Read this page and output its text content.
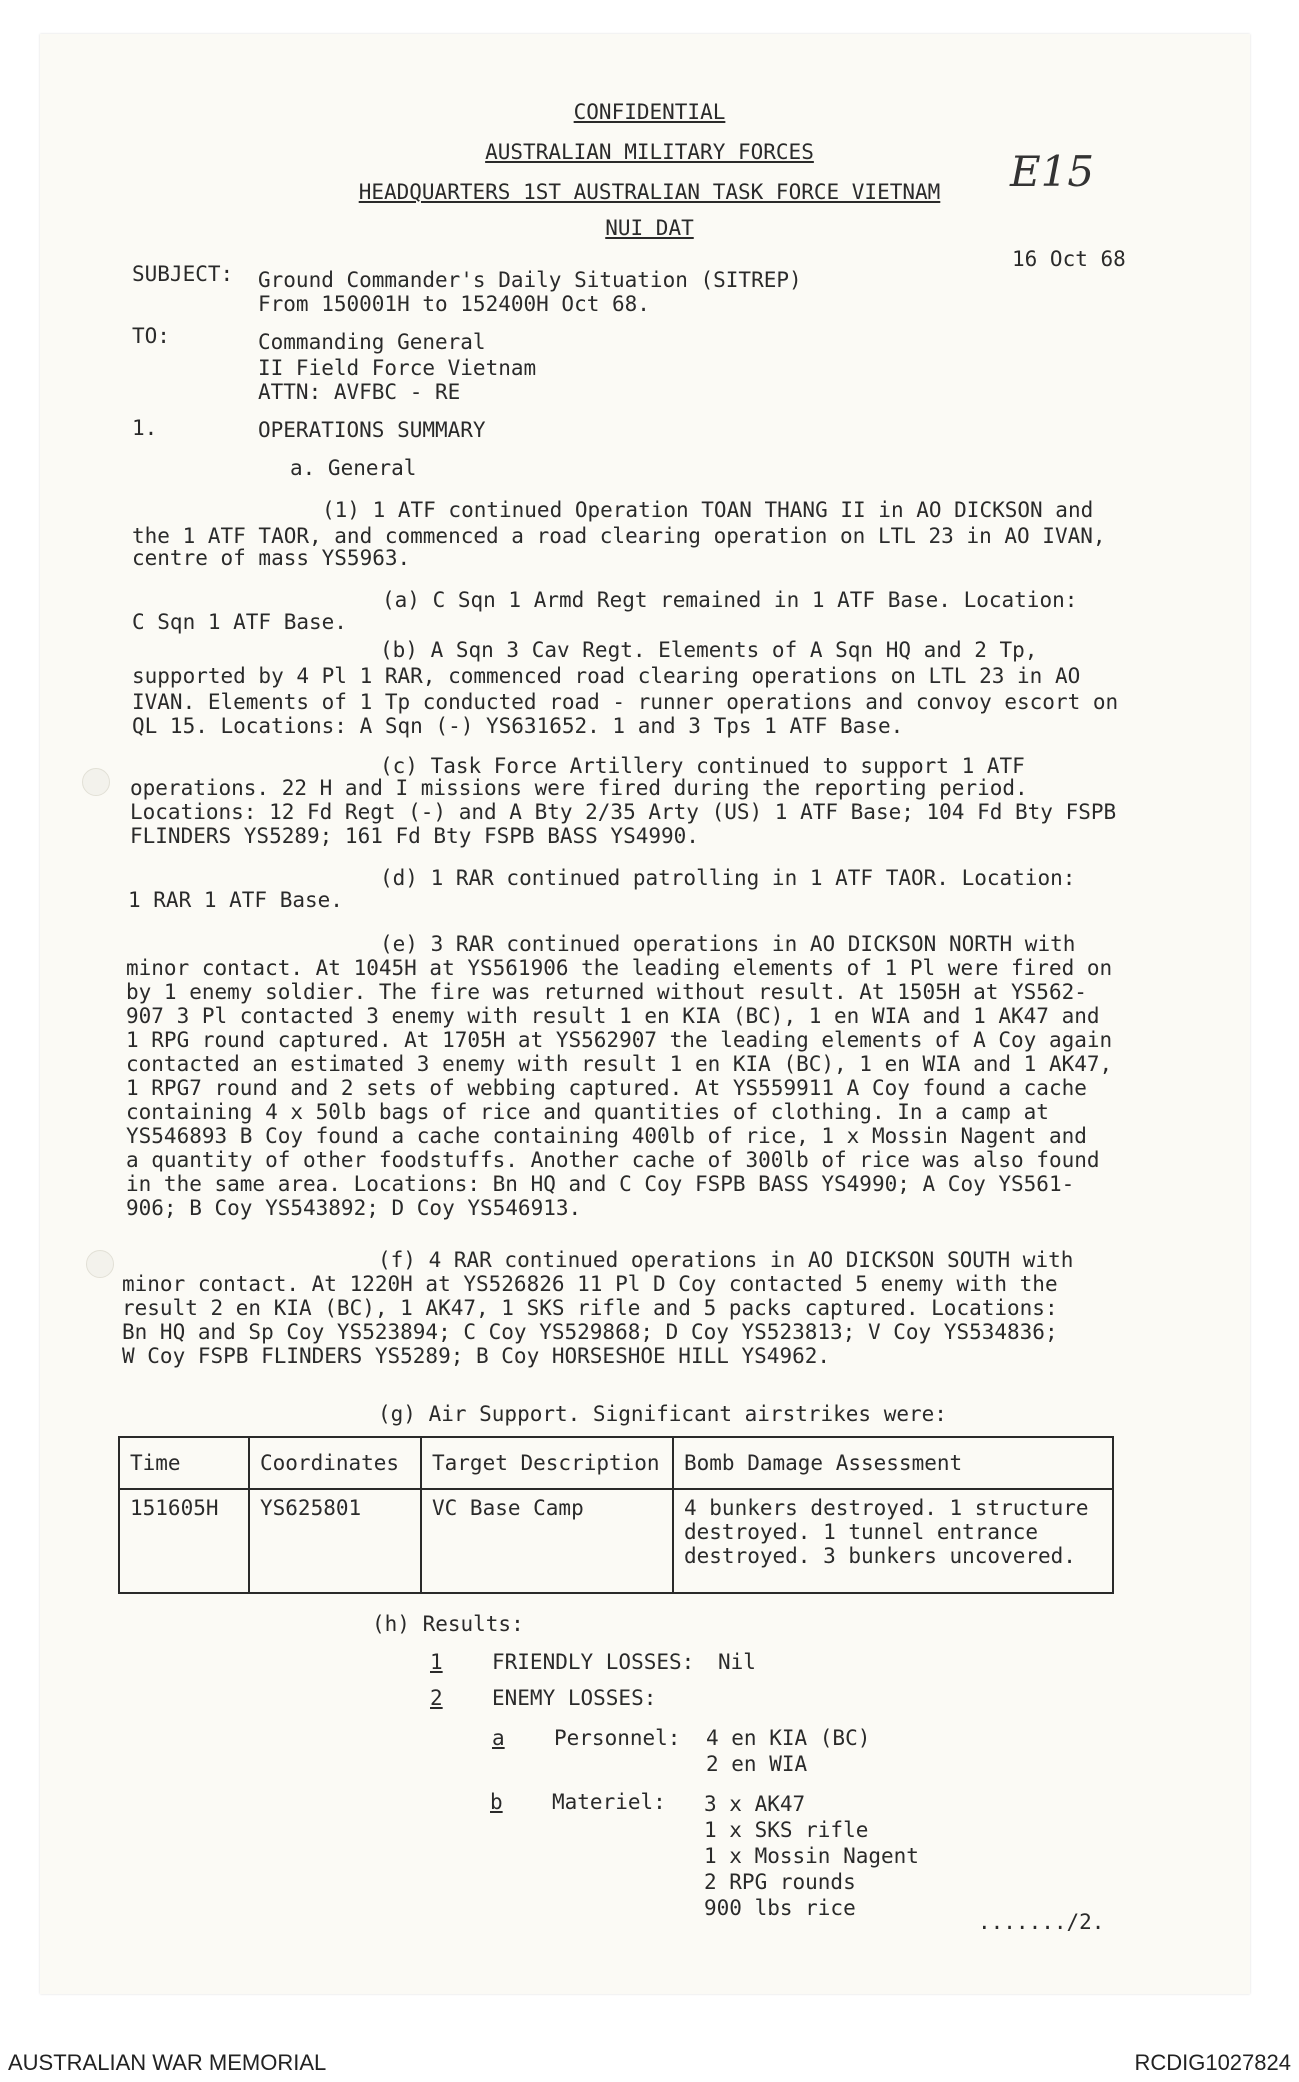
CONFIDENTIAL
AUSTRALIAN MILITARY FORCES
HEADQUARTERS 1ST AUSTRALIAN TASK FORCE VIETNAM
NUI DAT
E15
16 Oct 68
SUBJECT: Ground Commander's Daily Situation (SITREP)
From 150001H to 152400H Oct 68.
TO:	Commanding General
II Field Force Vietnam
ATTN: AVFBC - RE
1.	OPERATIONS SUMMARY
a. General
(1) 1 ATF continued Operation TOAN THANG II in AO DICKSON and
the 1 ATF TAOR, and commenced a road clearing operation on LTL 23 in AO IVAN,
centre of mass YS5963.
(a) C Sqn 1 Armd Regt remained in 1 ATF Base. Location:
C Sqn 1 ATF Base.
(b) A Sqn 3 Cav Regt. Elements of A Sqn HQ and 2 Tp,
supported by 4 Pl 1 RAR, commenced road clearing operations on LTL 23 in AO
IVAN. Elements of 1 Tp conducted road - runner operations and convoy escort on
QL 15. Locations: A Sqn (-) YS631652. 1 and 3 Tps 1 ATF Base.
(c) Task Force Artillery continued to support 1 ATF
operations. 22 H and I missions were fired during the reporting period.
Locations: 12 Fd Regt (-) and A Bty 2/35 Arty (US) 1 ATF Base; 104 Fd Bty FSPB
FLINDERS YS5289; 161 Fd Bty FSPB BASS YS4990.
(d) 1 RAR continued patrolling in 1 ATF TAOR. Location:
1 RAR 1 ATF Base.
(e) 3 RAR continued operations in AO DICKSON NORTH with
minor contact. At 1045H at YS561906 the leading elements of 1 Pl were fired on
by 1 enemy soldier. The fire was returned without result. At 1505H at YS562-
907 3 Pl contacted 3 enemy with result 1 en KIA (BC), 1 en WIA and 1 AK47 and
1 RPG round captured. At 1705H at YS562907 the leading elements of A Coy again
contacted an estimated 3 enemy with result 1 en KIA (BC), 1 en WIA and 1 AK47,
1 RPG7 round and 2 sets of webbing captured. At YS559911 A Coy found a cache
containing 4 x 50lb bags of rice and quantities of clothing. In a camp at
YS546893 B Coy found a cache containing 400lb of rice, 1 x Mossin Nagent and
a quantity of other foodstuffs. Another cache of 300lb of rice was also found
in the same area. Locations: Bn HQ and C Coy FSPB BASS YS4990; A Coy YS561-
906; B Coy YS543892; D Coy YS546913.
(f) 4 RAR continued operations in AO DICKSON SOUTH with
minor contact. At 1220H at YS526826 11 Pl D Coy contacted 5 enemy with the
result 2 en KIA (BC), 1 AK47, 1 SKS rifle and 5 packs captured. Locations:
Bn HQ and Sp Coy YS523894; C Coy YS529868; D Coy YS523813; V Coy YS534836;
W Coy FSPB FLINDERS YS5289; B Coy HORSESHOE HILL YS4962.
(g) Air Support. Significant airstrikes were:
Time	Coordinates	Target Description	Bomb Damage Assessment
151605H	YS625801	VC Base Camp	4 bunkers destroyed. 1 structure
destroyed. 1 tunnel entrance
destroyed. 3 bunkers uncovered.
(h) Results:
1 FRIENDLY LOSSES: Nil
2 ENEMY LOSSES:
a Personnel: 4 en KIA (BC)
2 en WIA
b Materiel: 3 x AK47
1 x SKS rifle
1 x Mossin Nagent
2 RPG rounds
900 lbs rice
......./2.
AUSTRALIAN WAR MEMORIAL	RCDIG1027824
